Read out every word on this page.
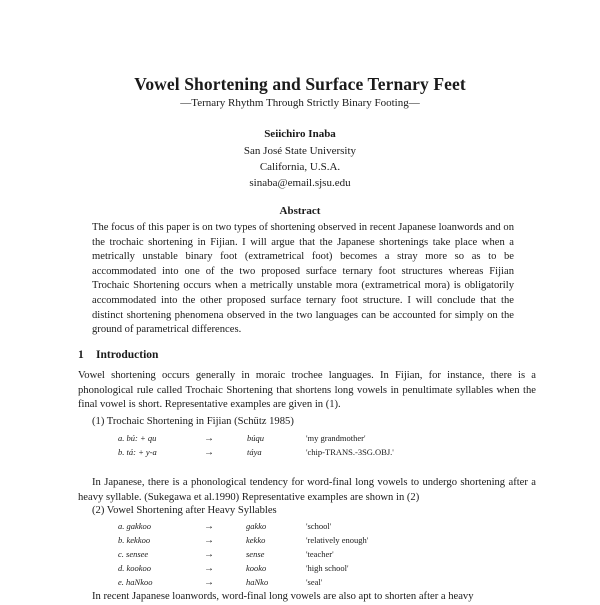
Vowel Shortening and Surface Ternary Feet
—Ternary Rhythm Through Strictly Binary Footing—
Seiichiro Inaba
San José State University
California, U.S.A.
sinaba@email.sjsu.edu
Abstract
The focus of this paper is on two types of shortening observed in recent Japanese loanwords and on the trochaic shortening in Fijian. I will argue that the Japanese shortenings take place when a metrically unstable binary foot (extrametrical foot) becomes a stray more so as to be accommodated into one of the two proposed surface ternary foot structures whereas Fijian Trochaic Shortening occurs when a metrically unstable mora (extrametrical mora) is obligatorily accommodated into the other proposed surface ternary foot structure. I will conclude that the distinct shortening phenomena observed in the two languages can be accounted for simply on the ground of parametrical differences.
1 Introduction
Vowel shortening occurs generally in moraic trochee languages. In Fijian, for instance, there is a phonological rule called Trochaic Shortening that shortens long vowels in penultimate syllables when the final vowel is short. Representative examples are given in (1).
(1) Trochaic Shortening in Fijian (Schütz 1985)
a. bú: + qu	→	búqu	'my grandmother'
b. tá: + y-a	→	táya	'chip-TRANS.-3SG.OBJ.'
In Japanese, there is a phonological tendency for word-final long vowels to undergo shortening after a heavy syllable. (Sukegawa et al.1990) Representative examples are shown in (2)
(2) Vowel Shortening after Heavy Syllables
a. gakkoo	→	gakko	'school'
b. kekkoo	→	kekko	'relatively enough'
c. sensee	→	sense	'teacher'
d. kookoo	→	kooko	'high school'
e. haNkoo	→	haNko	'seal'
In recent Japanese loanwords, word-final long vowels are also apt to shorten after a heavy
